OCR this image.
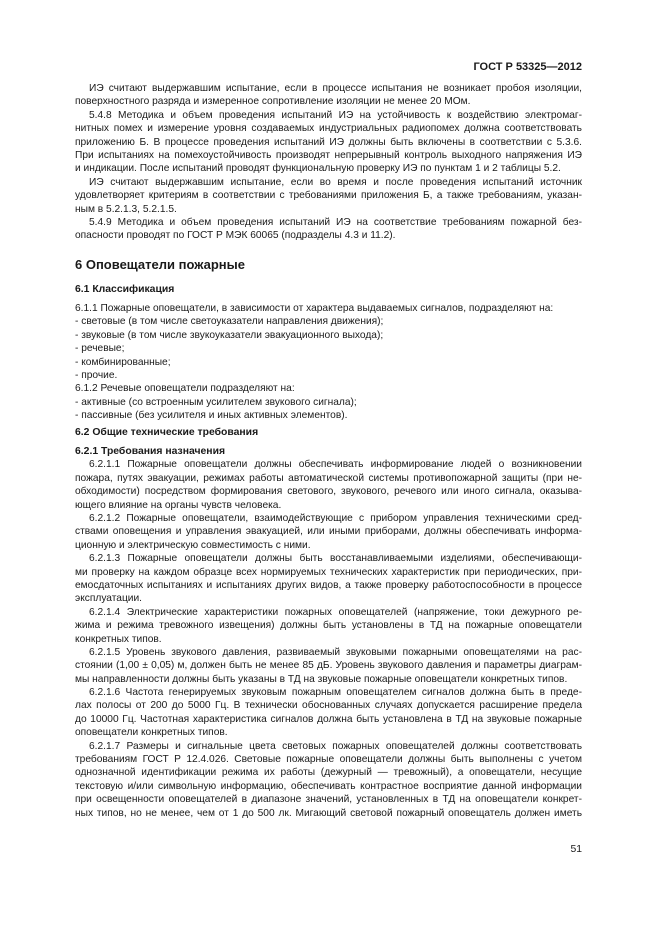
ГОСТ Р 53325—2012
ИЭ считают выдержавшим испытание, если в процессе испытания не возникает пробоя изоляции,
поверхностного разряда и измеренное сопротивление изоляции не менее 20 МОм.
5.4.8 Методика и объем проведения испытаний ИЭ на устойчивость к воздействию электромаг-
нитных помех и измерение уровня создаваемых индустриальных радиопомех должна соответствовать
приложению Б. В процессе проведения испытаний ИЭ должны быть включены в соответствии с 5.3.6.
При испытаниях на помехоустойчивость производят непрерывный контроль выходного напряжения ИЭ
и индикации. После испытаний проводят функциональную проверку ИЭ по пунктам 1 и 2 таблицы 5.2.
ИЭ считают выдержавшим испытание, если во время и после проведения испытаний источник
удовлетворяет критериям в соответствии с требованиями приложения Б, а также требованиям, указан-
ным в 5.2.1.3, 5.2.1.5.
5.4.9 Методика и объем проведения испытаний ИЭ на соответствие требованиям пожарной без-
опасности проводят по ГОСТ Р МЭК 60065 (подразделы 4.3 и 11.2).
6 Оповещатели пожарные
6.1 Классификация
6.1.1 Пожарные оповещатели, в зависимости от характера выдаваемых сигналов, подразделяют на:
- световые (в том числе светоуказатели направления движения);
- звуковые (в том числе звукоуказатели эвакуационного выхода);
- речевые;
- комбинированные;
- прочие.
6.1.2 Речевые оповещатели подразделяют на:
- активные (со встроенным усилителем звукового сигнала);
- пассивные (без усилителя и иных активных элементов).
6.2 Общие технические требования
6.2.1 Требования назначения
6.2.1.1 Пожарные оповещатели должны обеспечивать информирование людей о возникновении
пожара, путях эвакуации, режимах работы автоматической системы противопожарной защиты (при не-
обходимости) посредством формирования светового, звукового, речевого или иного сигнала, оказыва-
ющего влияние на органы чувств человека.
6.2.1.2 Пожарные оповещатели, взаимодействующие с прибором управления техническими сред-
ствами оповещения и управления эвакуацией, или иными приборами, должны обеспечивать информа-
ционную и электрическую совместимость с ними.
6.2.1.3 Пожарные оповещатели должны быть восстанавливаемыми изделиями, обеспечивающи-
ми проверку на каждом образце всех нормируемых технических характеристик при периодических, при-
емосдаточных испытаниях и испытаниях других видов, а также проверку работоспособности в процессе
эксплуатации.
6.2.1.4 Электрические характеристики пожарных оповещателей (напряжение, токи дежурного ре-
жима и режима тревожного извещения) должны быть установлены в ТД на пожарные оповещатели
конкретных типов.
6.2.1.5 Уровень звукового давления, развиваемый звуковыми пожарными оповещателями на рас-
стоянии (1,00 ± 0,05) м, должен быть не менее 85 дБ. Уровень звукового давления и параметры диаграм-
мы направленности должны быть указаны в ТД на звуковые пожарные оповещатели конкретных типов.
6.2.1.6 Частота генерируемых звуковым пожарным оповещателем сигналов должна быть в преде-
лах полосы от 200 до 5000 Гц. В технически обоснованных случаях допускается расширение предела
до 10000 Гц. Частотная характеристика сигналов должна быть установлена в ТД на звуковые пожарные
оповещатели конкретных типов.
6.2.1.7 Размеры и сигнальные цвета световых пожарных оповещателей должны соответствовать
требованиям ГОСТ Р 12.4.026. Световые пожарные оповещатели должны быть выполнены с учетом
однозначной идентификации режима их работы (дежурный — тревожный), а оповещатели, несущие
текстовую и/или символьную информацию, обеспечивать контрастное восприятие данной информации
при освещенности оповещателей в диапазоне значений, установленных в ТД на оповещатели конкрет-
ных типов, но не менее, чем от 1 до 500 лк. Мигающий световой пожарный оповещатель должен иметь
51
